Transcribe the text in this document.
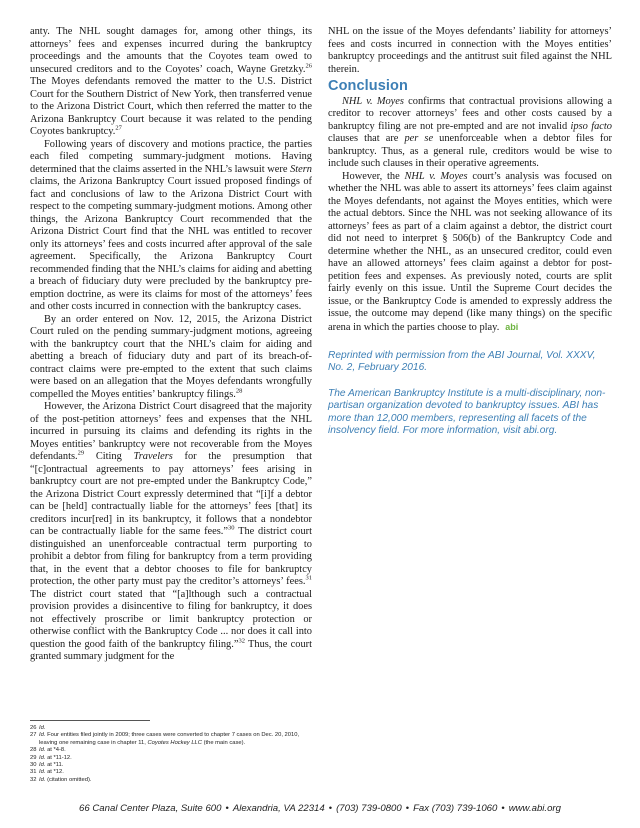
anty. The NHL sought damages for, among other things, its attorneys’ fees and expenses incurred during the bankruptcy proceedings and the amounts that the Coyotes team owed to unsecured creditors and to the Coyotes’ coach, Wayne Gretzky.$^{26}$ The Moyes defendants removed the matter to the U.S. District Court for the Southern District of New York, then transferred venue to the Arizona District Court, which then referred the matter to the Arizona Bankruptcy Court because it was related to the pending Coyotes bankruptcy.$^{27}$

Following years of discovery and motions practice, the parties each filed competing summary-judgment motions. Having determined that the claims asserted in the NHL’s lawsuit were Stern claims, the Arizona Bankruptcy Court issued proposed findings of fact and conclusions of law to the Arizona District Court with respect to the competing summary-judgment motions. Among other things, the Arizona Bankruptcy Court recommended that the Arizona District Court find that the NHL was entitled to recover only its attorneys’ fees and costs incurred after approval of the sale agreement. Specifically, the Arizona Bankruptcy Court recommended finding that the NHL’s claims for aiding and abetting a breach of fiduciary duty were precluded by the bankruptcy pre-emption doctrine, as were its claims for most of the attorneys’ fees and other costs incurred in connection with the bankruptcy cases.

By an order entered on Nov. 12, 2015, the Arizona District Court ruled on the pending summary-judgment motions, agreeing with the bankruptcy court that the NHL’s claim for aiding and abetting a breach of fiduciary duty and part of its breach-of-contract claims were pre-empted to the extent that such claims were based on an allegation that the Moyes defendants wrongfully compelled the Moyes entities’ bankruptcy filings.$^{28}$

However, the Arizona District Court disagreed that the majority of the post-petition attorneys’ fees and expenses that the NHL incurred in pursuing its claims and defending its rights in the Moyes entities’ bankruptcy were not recoverable from the Moyes defendants.$^{29}$ Citing Travelers for the presumption that “[c]ontractual agreements to pay attorneys’ fees arising in bankruptcy court are not pre-empted under the Bankruptcy Code,” the Arizona District Court expressly determined that “[i]f a debtor can be [held] contractually liable for the attorneys’ fees [that] its creditors incur[red] in its bankruptcy, it follows that a nondebtor can be contractually liable for the same fees.”$^{30}$ The district court distinguished an unenforceable contractual term purporting to prohibit a debtor from filing for bankruptcy from a term providing that, in the event that a debtor chooses to file for bankruptcy protection, the other party must pay the creditor’s attorneys’ fees.$^{31}$ The district court stated that “[a]lthough such a contractual provision provides a disincentive to filing for bankruptcy, it does not effectively proscribe or limit bankruptcy protection or otherwise conflict with the Bankruptcy Code ... nor does it call into question the good faith of the bankruptcy filing.”$^{32}$ Thus, the court granted summary judgment for the

NHL on the issue of the Moyes defendants’ liability for attorneys’ fees and costs incurred in connection with the Moyes entities’ bankruptcy proceedings and the antitrust suit filed against the NHL therein.

Conclusion

NHL v. Moyes confirms that contractual provisions allowing a creditor to recover attorneys’ fees and other costs caused by a bankruptcy filing are not pre-empted and are not invalid ipso facto clauses that are per se unenforceable when a debtor files for bankruptcy. Thus, as a general rule, creditors would be wise to include such clauses in their operative agreements.

However, the NHL v. Moyes court’s analysis was focused on whether the NHL was able to assert its attorneys’ fees claim against the Moyes defendants, not against the Moyes entities, which were the actual debtors. Since the NHL was not seeking allowance of its attorneys’ fees as part of a claim against a debtor, the district court did not need to interpret § 506(b) of the Bankruptcy Code and determine whether the NHL, as an unsecured creditor, could even have an allowed attorneys’ fees claim against a debtor for post-petition fees and expenses. As previously noted, courts are split fairly evenly on this issue. Until the Supreme Court decides the issue, or the Bankruptcy Code is amended to expressly address the issue, the outcome may depend (like many things) on the specific arena in which the parties choose to play. abi

Reprinted with permission from the ABI Journal, Vol. XXXV, No. 2, February 2016.

The American Bankruptcy Institute is a multi-disciplinary, non-partisan organization devoted to bankruptcy issues. ABI has more than 12,000 members, representing all facets of the insolvency field. For more information, visit abi.org.

26 Id.
27 Id. Four entities filed jointly in 2009; three cases were converted to chapter 7 cases on Dec. 20, 2010,
leaving one remaining case in chapter 11, Coyotes Hockey LLC (the main case).
28 Id. at *4-8.
29 Id. at *11-12.
30 Id. at *11.
31 Id. at *12.
32 Id. (citation omitted).
66 Canal Center Plaza, Suite 600 • Alexandria, VA 22314 • (703) 739-0800 • Fax (703) 739-1060 • www.abi.org
